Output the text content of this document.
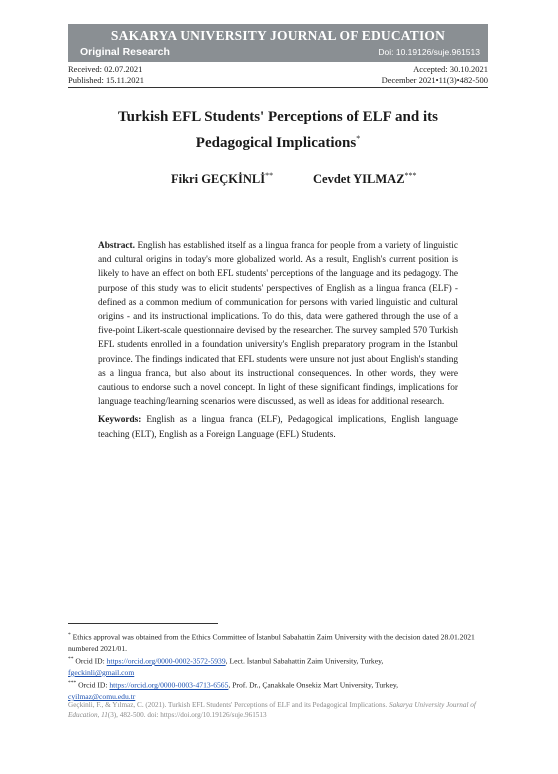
SAKARYA UNIVERSITY JOURNAL OF EDUCATION
Original Research	Doi: 10.19126/suje.961513
Received: 02.07.2021
Published: 15.11.2021
Accepted: 30.10.2021
December 2021•11(3)•482-500
Turkish EFL Students' Perceptions of ELF and its
Pedagogical Implications*
Fikri GEÇKİNLİ**	Cevdet YILMAZ***
Abstract. English has established itself as a lingua franca for people from a variety of linguistic and cultural origins in today's more globalized world. As a result, English's current position is likely to have an effect on both EFL students' perceptions of the language and its pedagogy. The purpose of this study was to elicit students' perspectives of English as a lingua franca (ELF) - defined as a common medium of communication for persons with varied linguistic and cultural origins - and its instructional implications. To do this, data were gathered through the use of a five-point Likert-scale questionnaire devised by the researcher. The survey sampled 570 Turkish EFL students enrolled in a foundation university's English preparatory program in the Istanbul province. The findings indicated that EFL students were unsure not just about English's standing as a lingua franca, but also about its instructional consequences. In other words, they were cautious to endorse such a novel concept. In light of these significant findings, implications for language teaching/learning scenarios were discussed, as well as ideas for additional research.
Keywords: English as a lingua franca (ELF), Pedagogical implications, English language teaching (ELT), English as a Foreign Language (EFL) Students.
* Ethics approval was obtained from the Ethics Committee of İstanbul Sabahattin Zaim University with the decision dated 28.01.2021 numbered 2021/01.
** Orcid ID: https://orcid.org/0000-0002-3572-5939, Lect. İstanbul Sabahattin Zaim University, Turkey,
fgeckinli@gmail.com
*** Orcid ID: https://orcid.org/0000-0003-4713-6565, Prof. Dr., Çanakkale Onsekiz Mart University, Turkey,
cyilmaz@comu.edu.tr
Geçkinli, F., & Yılmaz, C. (2021). Turkish EFL Students' Perceptions of ELF and its Pedagogical Implications. Sakarya University Journal of Education, 11(3), 482-500. doi: https://doi.org/10.19126/suje.961513
